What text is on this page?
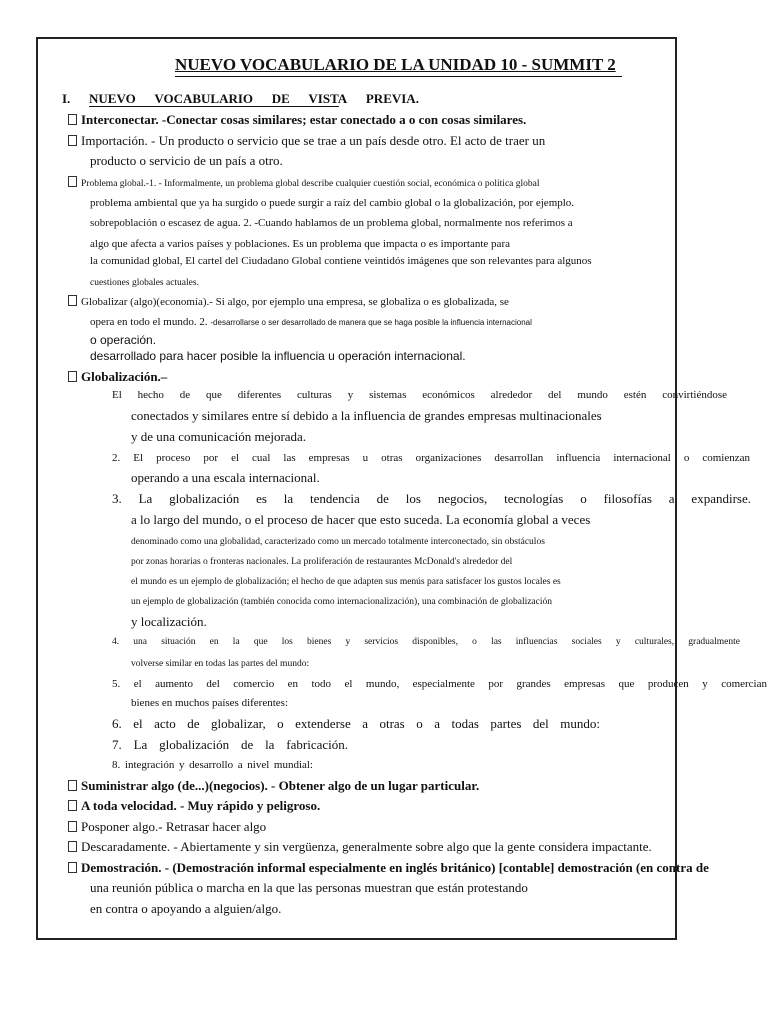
NUEVO VOCABULARIO DE LA UNIDAD 10 - SUMMIT 2
I. NUEVO VOCABULARIO DE VISTA PREVIA.
Interconectar. -Conectar cosas similares; estar conectado a o con cosas similares.
Importación. - Un producto o servicio que se trae a un país desde otro. El acto de traer un
producto o servicio de un país a otro.
Problema global.-1. - Informalmente, un problema global describe cualquier cuestión social, económica o política global
problema ambiental que ya ha surgido o puede surgir a raíz del cambio global o la globalización, por ejemplo.
sobrepoblación o escasez de agua. 2. -Cuando hablamos de un problema global, normalmente nos referimos a
algo que afecta a varios países y poblaciones. Es un problema que impacta o es importante para
la comunidad global, El cartel del Ciudadano Global contiene veintidós imágenes que son relevantes para algunos
cuestiones globales actuales.
Globalizar (algo)(economía).- Si algo, por ejemplo una empresa, se globaliza o es globalizada, se
opera en todo el mundo. 2. -desarrollarse o ser desarrollado de manera que se haga posible la influencia internacional
o operación.
desarrollado para hacer posible la influencia u operación internacional.
Globalización.–
El hecho de que diferentes culturas y sistemas económicos alrededor del mundo estén convirtiéndose
conectados y similares entre sí debido a la influencia de grandes empresas multinacionales
y de una comunicación mejorada.
2. El proceso por el cual las empresas u otras organizaciones desarrollan influencia internacional o comienzan
operando a una escala internacional.
3. La globalización es la tendencia de los negocios, tecnologías o filosofías a expandirse.
a lo largo del mundo, o el proceso de hacer que esto suceda. La economía global a veces
denominado como una globalidad, caracterizado como un mercado totalmente interconectado, sin obstáculos
por zonas horarias o fronteras nacionales. La proliferación de restaurantes McDonald's alrededor del
el mundo es un ejemplo de globalización; el hecho de que adapten sus menús para satisfacer los gustos locales es
un ejemplo de globalización (también conocida como internacionalización), una combinación de globalización
y localización.
4. una situación en la que los bienes y servicios disponibles, o las influencias sociales y culturales, gradualmente
volverse similar en todas las partes del mundo:
5. el aumento del comercio en todo el mundo, especialmente por grandes empresas que producen y comercian
bienes en muchos países diferentes:
6. el acto de globalizar, o extenderse a otras o a todas partes del mundo:
7. La globalización de la fabricación.
8. integración y desarrollo a nivel mundial:
Suministrar algo (de...)(negocios). - Obtener algo de un lugar particular.
A toda velocidad. - Muy rápido y peligroso.
Posponer algo.- Retrasar hacer algo
Descaradamente. - Abiertamente y sin vergüenza, generalmente sobre algo que la gente considera impactante.
Demostración. - (Demostración informal especialmente en inglés británico) [contable] demostración (en contra de
una reunión pública o marcha en la que las personas muestran que están protestando
en contra o apoyando a alguien/algo.
